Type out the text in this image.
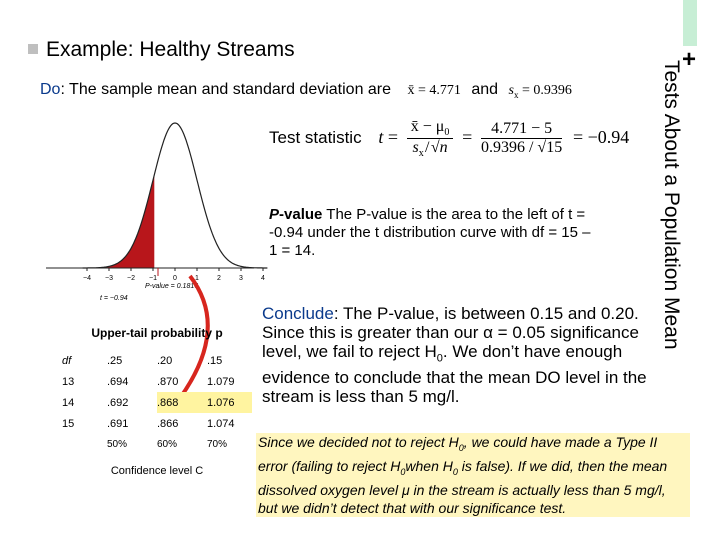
+
Example: Healthy Streams
Tests About a Population Mean
Do: The sample mean and standard deviation are x̄ = 4.771 and $s_x = 0.9396$
−4 −3 −2 −1 0	1	2	3	4
t = −0.94
P-value = 0.1816
Test statistic $t = \frac{x̄ - \mu_0}{s_x / √n} = \frac{4.771 - 5}{0.9396 / √15} = -0.94$
P-value The P-value is the area to the left of t = -0.94 under the t distribution curve with df = 15 – 1 = 14.
Conclude: The P-value, is between 0.15 and 0.20. Since this is greater than our α = 0.05 significance level, we fail to reject $H_0$. We don’t have enough evidence to conclude that the mean DO level in the stream is less than 5 mg/l.
Upper-tail probability p
df	.25	.20	.15
13	.694	.870	1.079
14	.692	.868	1.076
15	.691	.866	1.074
	50%	60%	70%
Confidence level C
Since we decided not to reject $H_0$, we could have made a Type II error (failing to reject $H_0when$ $H_0$ is false). If we did, then the mean dissolved oxygen level μ in the stream is actually less than 5 mg/l, but we didn’t detect that with our significance test.
